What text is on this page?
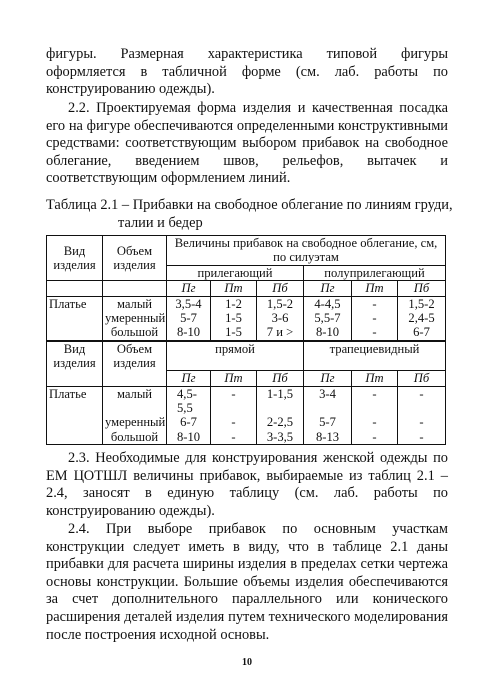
фигуры. Размерная характеристика типовой фигуры оформляется в табличной форме (см. лаб. работы по конструированию одежды).

2.2. Проектируемая форма изделия и качественная посадка его на фигуре обеспечиваются определенными конструктивными средствами: соответствующим выбором прибавок на свободное облегание, введением швов, рельефов, вытачек и соответствующим оформлением линий.

Таблица 2.1 – Прибавки на свободное облегание по линиям груди,
талии и бедер

Вид изделия	Объем изделия	Величины прибавок на свободное облегание, см, по силуэтам					
		прилегающий			полуприлегающий		
		Пг	Пт	Пб	Пг	Пт	Пб
Платье	малый	3,5-4	1-2	1,5-2	4-4,5	-	1,5-2
	умеренный	5-7	1-5	3-6	5,5-7	-	2,4-5
	большой	8-10	1-5	7 и >	8-10	-	6-7
Вид изделия	Объем изделия	прямой			трапециевидный		
		Пг	Пт	Пб	Пг	Пт	Пб
Платье	малый	4,5-5,5	-	1-1,5	3-4	-	-
	умеренный	6-7	-	2-2,5	5-7	-	-
	большой	8-10	-	3-3,5	8-13	-	-

2.3. Необходимые для конструирования женской одежды по ЕМ ЦОТШЛ величины прибавок, выбираемые из таблиц 2.1 – 2.4, заносят в единую таблицу (см. лаб. работы по конструированию одежды).

2.4. При выборе прибавок по основным участкам конструкции следует иметь в виду, что в таблице 2.1 даны прибавки для расчета ширины изделия в пределах сетки чертежа основы конструкции. Большие объемы изделия обеспечиваются за счет дополнительного параллельного или конического расширения деталей изделия путем технического моделирования после построения исходной основы.

10
